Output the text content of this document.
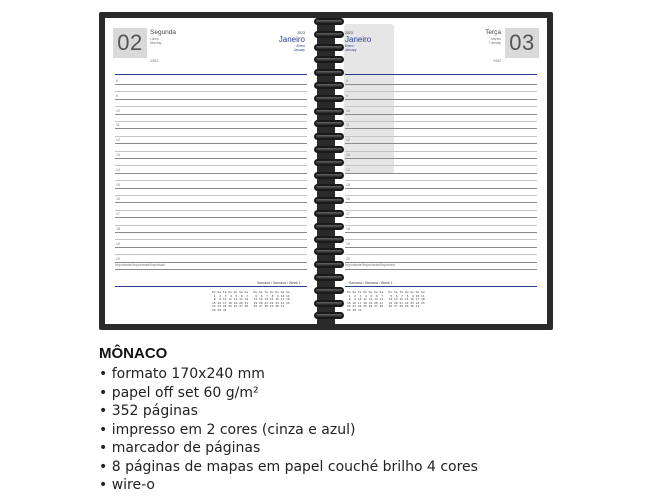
02	Segunda
Lunes
Monday
2/363
2023
Janeiro
Enero
January
8
9
10
11
12
13
14
15
16
17
18
19
20
Importante/Importante/Important
Semana / Semana / Week 1
Do Se Te Qu Qu Se Sa   Do Se Te Qu Qu Se Sa
1  2  3  4  5  6  7    5  6  7  8  9 10 11
8  9 10 11 12 13 14   12 13 14 15 16 17 18
15 16 17 18 19 20 21   19 20 21 22 23 24 25
22 23 24 25 26 27 28   26 27 28 29 30 31
29 30 31
03
Terça
Martes
Tuesday
3/362
2023
Janeiro
Enero
January
8
9
10
11
12
13
14
15
16
17
18
19
20
Importante/Importante/Important
Semana / Semana / Week 1
Do Se Te Qu Qu Se Sa   Do Se Te Qu Qu Se Sa
1  2  3  4  5  6  7    5  6  7  8  9 10 11
8  9 10 11 12 13 14   12 13 14 15 16 17 18
15 16 17 18 19 20 21   19 20 21 22 23 24 25
22 23 24 25 26 27 28   26 27 28 29 30 31
29 30 31
MÔNACO
• formato 170x240 mm
• papel off set 60 g/m²
• 352 páginas
• impresso em 2 cores (cinza e azul)
• marcador de páginas
• 8 páginas de mapas em papel couché brilho 4 cores
• wire-o
